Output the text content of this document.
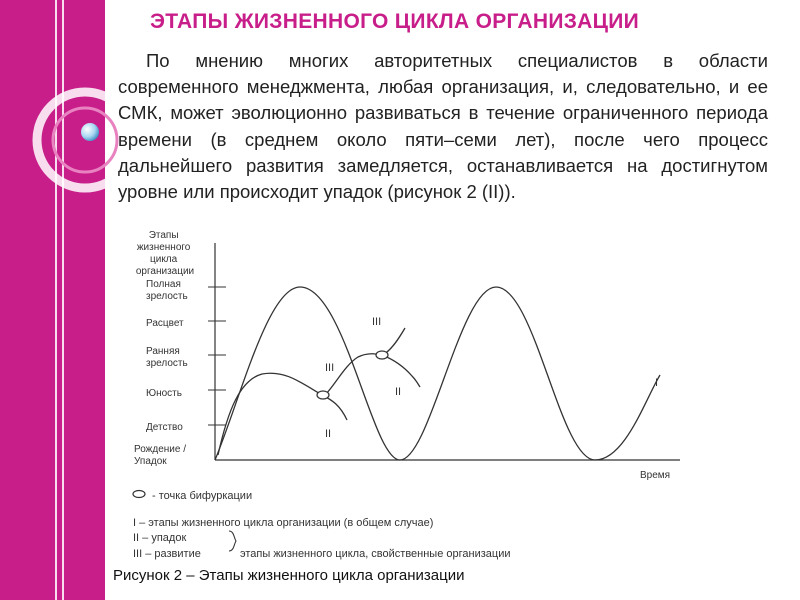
ЭТАПЫ ЖИЗНЕННОГО ЦИКЛА ОРГАНИЗАЦИИ
По мнению многих авторитетных специалистов в области современного менеджмента, любая организация, и, следовательно, и ее СМК, может эволюционно развиваться в течение ограниченного периода времени (в среднем около пяти–семи лет), после чего процесс дальнейшего развития замедляется, останавливается на достигнутом уровне или происходит упадок (рисунок 2 (II)).
Этапы жизненного цикла организации
Полная зрелость
Расцвет
Ранняя зрелость
Юность
Детство
Рождение / Упадок
Время
I
II
II
III
III
- точка бифуркации
I – этапы жизненного цикла организации (в общем случае)
II – упадок
III – развитие	этапы жизненного цикла, свойственные организации
Рисунок 2 – Этапы жизненного цикла организации
